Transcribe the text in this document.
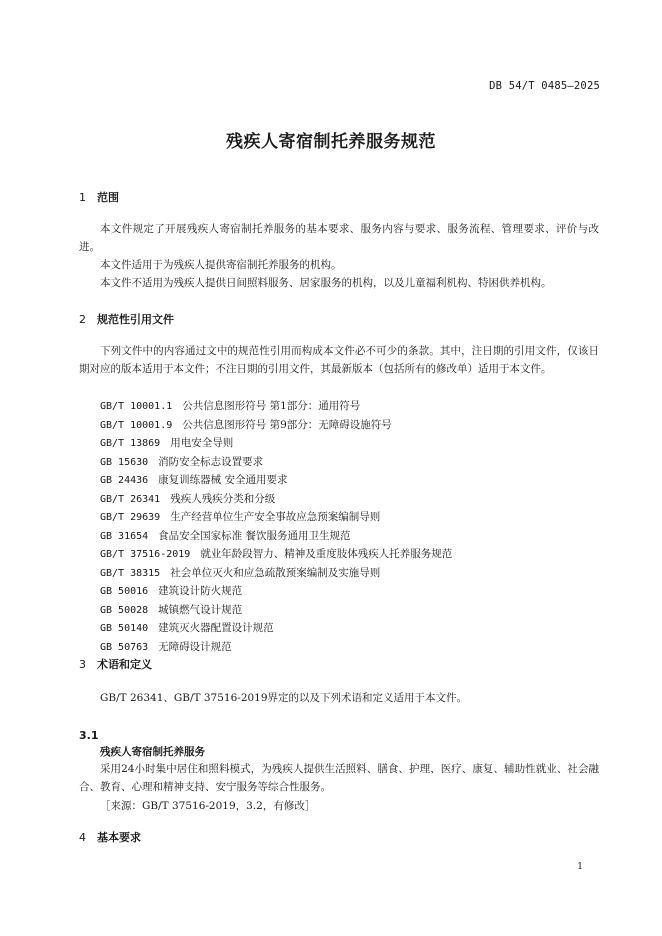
DB 54/T 0485—2025
残疾人寄宿制托养服务规范
1 范围
本文件规定了开展残疾人寄宿制托养服务的基本要求、服务内容与要求、服务流程、管理要求、评价与改进。
本文件适用于为残疾人提供寄宿制托养服务的机构。
本文件不适用为残疾人提供日间照料服务、居家服务的机构，以及儿童福利机构、特困供养机构。
2 规范性引用文件
下列文件中的内容通过文中的规范性引用而构成本文件必不可少的条款。其中，注日期的引用文件，仅该日期对应的版本适用于本文件；不注日期的引用文件，其最新版本（包括所有的修改单）适用于本文件。
GB/T 10001.1 公共信息图形符号 第1部分：通用符号
GB/T 10001.9 公共信息图形符号 第9部分：无障碍设施符号
GB/T 13869 用电安全导则
GB 15630 消防安全标志设置要求
GB 24436 康复训练器械 安全通用要求
GB/T 26341 残疾人残疾分类和分级
GB/T 29639 生产经营单位生产安全事故应急预案编制导则
GB 31654 食品安全国家标准 餐饮服务通用卫生规范
GB/T 37516-2019 就业年龄段智力、精神及重度肢体残疾人托养服务规范
GB/T 38315 社会单位灭火和应急疏散预案编制及实施导则
GB 50016 建筑设计防火规范
GB 50028 城镇燃气设计规范
GB 50140 建筑灭火器配置设计规范
GB 50763 无障碍设计规范
3 术语和定义
GB/T 26341、GB/T 37516-2019界定的以及下列术语和定义适用于本文件。
3.1
残疾人寄宿制托养服务
采用24小时集中居住和照料模式，为残疾人提供生活照料、膳食、护理、医疗、康复、辅助性就业、社会融合、教育、心理和精神支持、安宁服务等综合性服务。
［来源：GB/T 37516-2019，3.2，有修改］
4 基本要求
1
